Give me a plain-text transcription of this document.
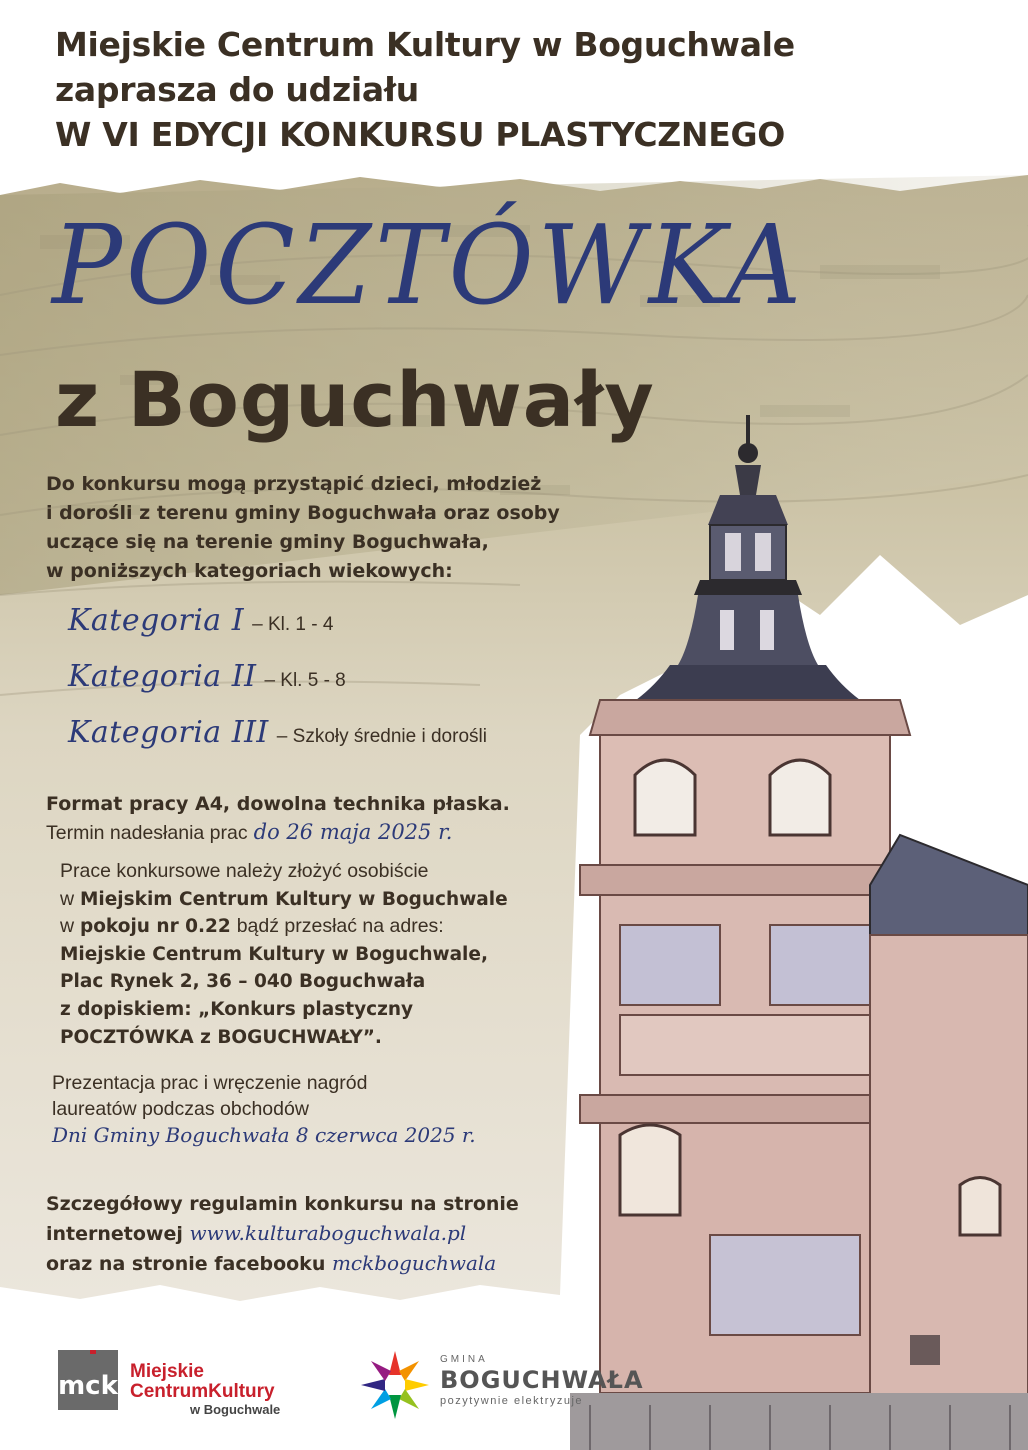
Miejskie Centrum Kultury w Boguchwale
zaprasza do udziału
W VI EDYCJI KONKURSU PLASTYCZNEGO
POCZTÓWKA
z Boguchwały
Do konkursu mogą przystąpić dzieci, młodzież
i dorośli z terenu gminy Boguchwała oraz osoby
uczące się na terenie gminy Boguchwała,
w poniższych kategoriach wiekowych:
Kategoria I – Kl. 1 - 4
Kategoria II – Kl. 5 - 8
Kategoria III – Szkoły średnie i dorośli
Format pracy A4, dowolna technika płaska.
Termin nadesłania prac do 26 maja 2025 r.
Prace konkursowe należy złożyć osobiście
w Miejskim Centrum Kultury w Boguchwale
w pokoju nr 0.22 bądź przesłać na adres:
Miejskie Centrum Kultury w Boguchwale,
Plac Rynek 2, 36 – 040 Boguchwała
z dopiskiem: „Konkurs plastyczny
POCZTÓWKA z BOGUCHWAŁY”.
Prezentacja prac i wręczenie nagród
laureatów podczas obchodów
Dni Gminy Boguchwała 8 czerwca 2025 r.
Szczegółowy regulamin konkursu na stronie
internetowej www.kulturaboguchwala.pl
oraz na stronie facebooku mckboguchwala
mck Miejskie
CentrumKultury
w Boguchwale
GMINA
BOGUCHWAŁA
pozytywnie elektryzuje
